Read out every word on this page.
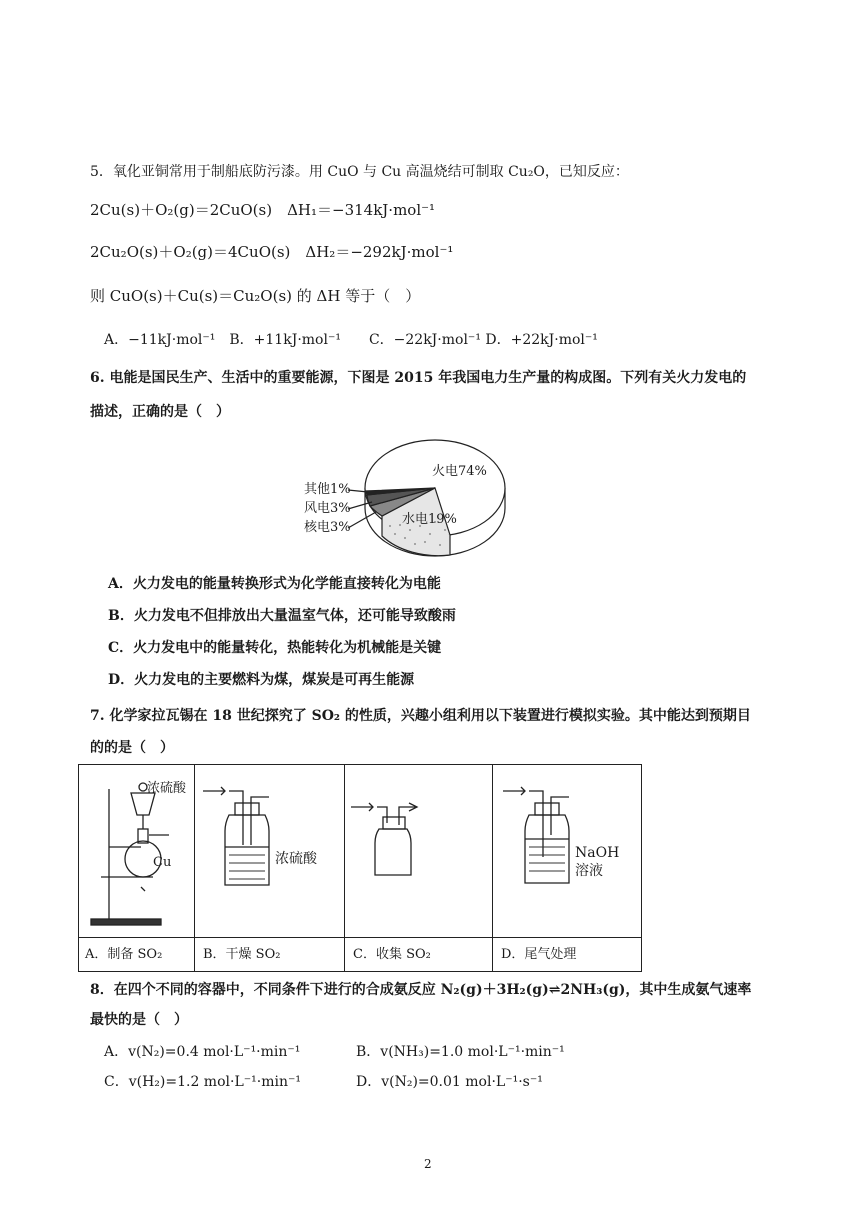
5．氧化亚铜常用于制船底防污漆。用 CuO 与 Cu 高温烧结可制取 Cu₂O，已知反应：
2Cu(s)＋O₂(g)＝2CuO(s)　ΔH₁＝−314kJ·mol⁻¹
2Cu₂O(s)＋O₂(g)＝4CuO(s)　ΔH₂＝−292kJ·mol⁻¹
则 CuO(s)＋Cu(s)＝Cu₂O(s) 的 ΔH 等于（　）
A．−11kJ·mol⁻¹　B．+11kJ·mol⁻¹　　C．−22kJ·mol⁻¹ D．+22kJ·mol⁻¹
6. 电能是国民生产、生活中的重要能源，下图是 2015 年我国电力生产量的构成图。下列有关火力发电的
描述，正确的是（　）
火电74%
水电19%
其他1%
风电3%
核电3%
A．火力发电的能量转换形式为化学能直接转化为电能
B．火力发电不但排放出大量温室气体，还可能导致酸雨
C．火力发电中的能量转化，热能转化为机械能是关键
D．火力发电的主要燃料为煤，煤炭是可再生能源
7. 化学家拉瓦锡在 18 世纪探究了 SO₂ 的性质，兴趣小组利用以下装置进行模拟实验。其中能达到预期目
的的是（　）
浓硫酸
Cu	浓硫酸	NaOH
溶液
A．制备 SO₂	B．干燥 SO₂	C．收集 SO₂	D．尾气处理
8．在四个不同的容器中，不同条件下进行的合成氨反应 N₂(g)＋3H₂(g)⇌2NH₃(g)，其中生成氨气速率
最快的是（　）
A．v(N₂)=0.4 mol·L⁻¹·min⁻¹	B．v(NH₃)=1.0 mol·L⁻¹·min⁻¹
C．v(H₂)=1.2 mol·L⁻¹·min⁻¹	D．v(N₂)=0.01 mol·L⁻¹·s⁻¹
2
